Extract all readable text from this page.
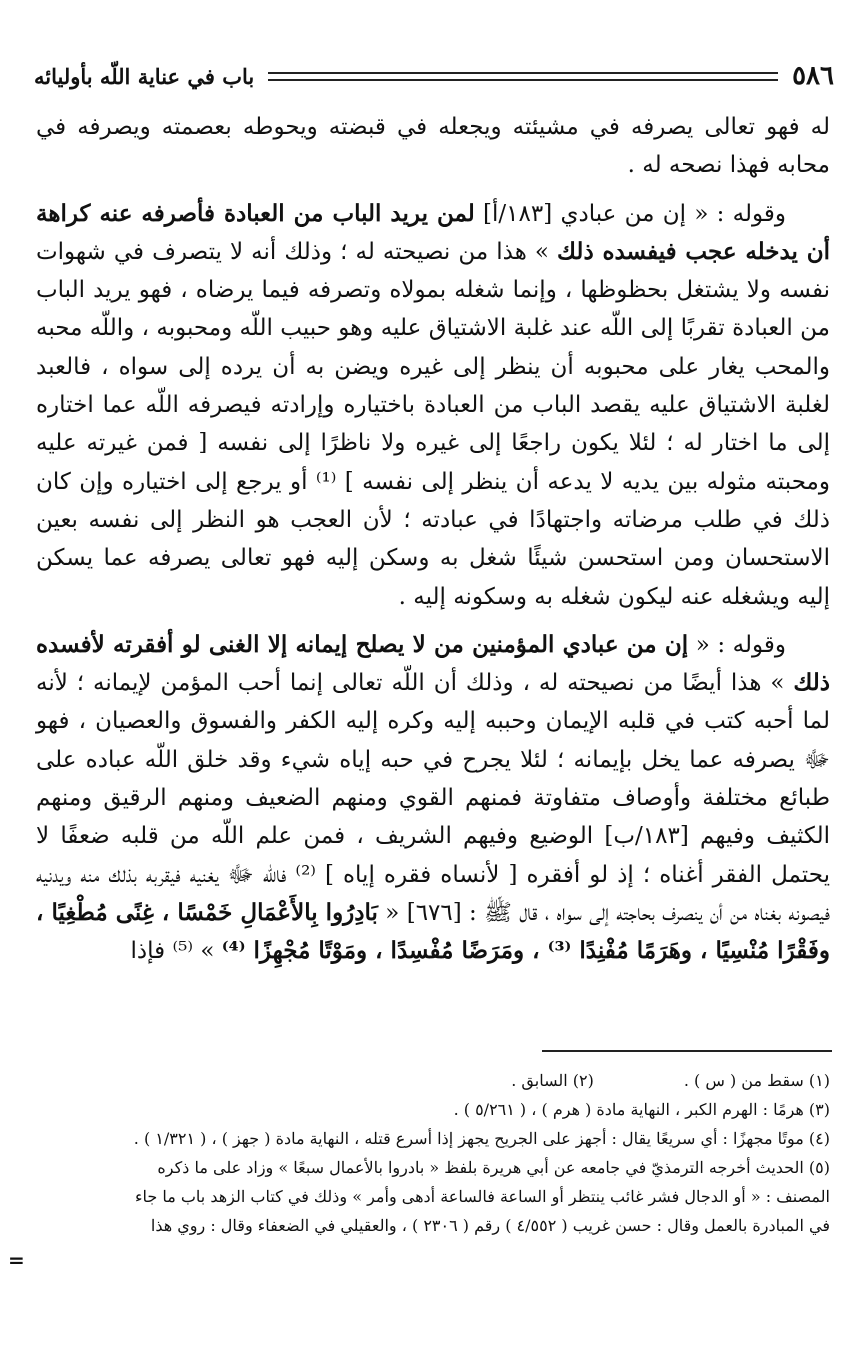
٥٨٦
باب في عناية اللّه بأوليائه

له فهو تعالى يصرفه في مشيئته ويجعله في قبضته ويحوطه بعصمته ويصرفه في محابه فهذا نصحه له .

وقوله : « إن من عبادي [١٨٣/أ] لمن يريد الباب من العبادة فأصرفه عنه كراهة أن يدخله عجب فيفسده ذلك » هذا من نصيحته له ؛ وذلك أنه لا يتصرف في شهوات نفسه ولا يشتغل بحظوظها ، وإنما شغله بمولاه وتصرفه فيما يرضاه ، فهو يريد الباب من العبادة تقربًا إلى اللّه عند غلبة الاشتياق عليه وهو حبيب اللّه ومحبوبه ، واللّه محبه والمحب يغار على محبوبه أن ينظر إلى غيره ويضن به أن يرده إلى سواه ، فالعبد لغلبة الاشتياق عليه يقصد الباب من العبادة باختياره وإرادته فيصرفه اللّه عما اختاره إلى ما اختار له ؛ لئلا يكون راجعًا إلى غيره ولا ناظرًا إلى نفسه [ فمن غيرته عليه ومحبته مثوله بين يديه لا يدعه أن ينظر إلى نفسه ] ⁽¹⁾ أو يرجع إلى اختياره وإن كان ذلك في طلب مرضاته واجتهادًا في عبادته ؛ لأن العجب هو النظر إلى نفسه بعين الاستحسان ومن استحسن شيئًا شغل به وسكن إليه فهو تعالى يصرفه عما يسكن إليه ويشغله عنه ليكون شغله به وسكونه إليه .

وقوله : « إن من عبادي المؤمنين من لا يصلح إيمانه إلا الغنى لو أفقرته لأفسده ذلك » هذا أيضًا من نصيحته له ، وذلك أن اللّه تعالى إنما أحب المؤمن لإيمانه ؛ لأنه لما أحبه كتب في قلبه الإيمان وحببه إليه وكره إليه الكفر والفسوق والعصيان ، فهو ﷻ يصرفه عما يخل بإيمانه ؛ لئلا يجرح في حبه إياه شيء وقد خلق اللّه عباده على طبائع مختلفة وأوصاف متفاوتة فمنهم القوي ومنهم الضعيف ومنهم الرقيق ومنهم الكثيف وفيهم [١٨٣/ب] الوضيع وفيهم الشريف ، فمن علم اللّه من قلبه ضعفًا لا يحتمل الفقر أغناه ؛ إذ لو أفقره [ لأنساه فقره إياه ] ⁽²⁾ فاللّه ﷻ يغنيه فيقربه بذلك منه ويدنيه فيصونه بغناه من أن ينصرف بحاجته إلى سواه ، قال ﷺ : [٦٧٦] « بَادِرُوا بِالأَعْمَالِ خَمْسًا ، غِنًى مُطْغِيًا ، وفَقْرًا مُنْسِيًا ، وهَرَمًا مُفْنِدًا ⁽³⁾ ، ومَرَضًا مُفْسِدًا ، ومَوْتًا مُجْهِزًا ⁽⁴⁾ » ⁽⁵⁾ فإذا

(١) سقط من ( س ) .
(٢) السابق .
(٣) هرمًا : الهرم الكبر ، النهاية مادة ( هرم ) ، ( ٥/٢٦١ ) .
(٤) موتًا مجهزًا : أي سريعًا يقال : أجهز على الجريح يجهز إذا أسرع قتله ، النهاية مادة ( جهز ) ، ( ١/٣٢١ ) .
(٥) الحديث أخرجه الترمذيّ في جامعه عن أبي هريرة بلفظ « بادروا بالأعمال سبعًا » وزاد على ما ذكره
المصنف : « أو الدجال فشر غائب ينتظر أو الساعة فالساعة أدهى وأمر » وذلك في كتاب الزهد باب ما جاء
في المبادرة بالعمل وقال : حسن غريب ( ٤/٥٥٢ ) رقم ( ٢٣٠٦ ) ، والعقيلي في الضعفاء وقال : روي هذا
=
